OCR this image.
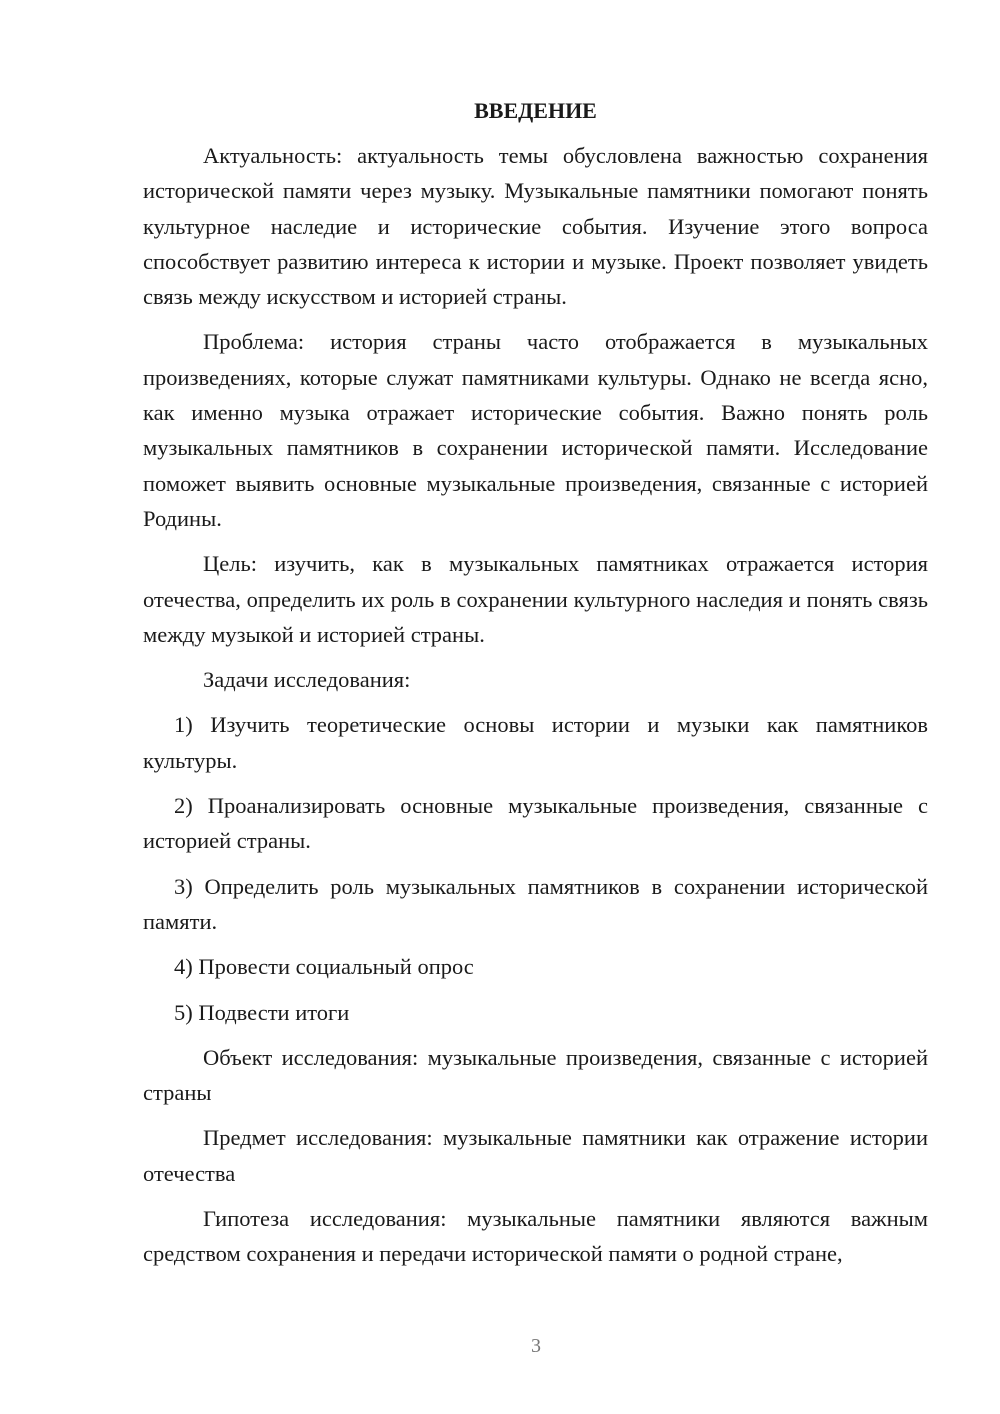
ВВЕДЕНИЕ

Актуальность: актуальность темы обусловлена важностью сохранения исторической памяти через музыку. Музыкальные памятники помогают понять культурное наследие и исторические события. Изучение этого вопроса способствует развитию интереса к истории и музыке. Проект позволяет увидеть связь между искусством и историей страны.

Проблема: история страны часто отображается в музыкальных произведениях, которые служат памятниками культуры. Однако не всегда ясно, как именно музыка отражает исторические события. Важно понять роль музыкальных памятников в сохранении исторической памяти. Исследование поможет выявить основные музыкальные произведения, связанные с историей Родины.

Цель: изучить, как в музыкальных памятниках отражается история отечества, определить их роль в сохранении культурного наследия и понять связь между музыкой и историей страны.

Задачи исследования:

1) Изучить теоретические основы истории и музыки как памятников культуры.

2) Проанализировать основные музыкальные произведения, связанные с историей страны.

3) Определить роль музыкальных памятников в сохранении исторической памяти.

4) Провести социальный опрос

5) Подвести итоги

Объект исследования: музыкальные произведения, связанные с историей страны

Предмет исследования: музыкальные памятники как отражение истории отечества

Гипотеза исследования: музыкальные памятники являются важным средством сохранения и передачи исторической памяти о родной стране,

3
